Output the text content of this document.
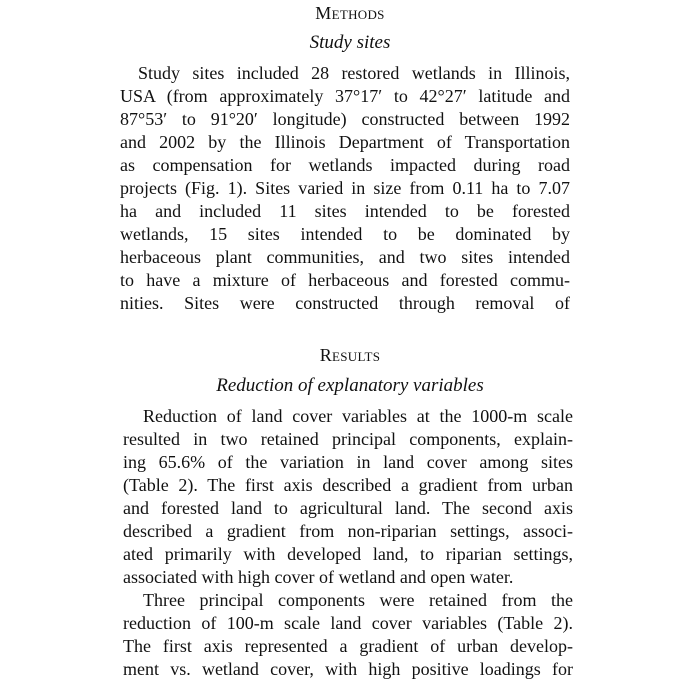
Methods
Study sites
Study sites included 28 restored wetlands in Illinois,
USA (from approximately 37°17′ to 42°27′ latitude and
87°53′ to 91°20′ longitude) constructed between 1992
and 2002 by the Illinois Department of Transportation
as compensation for wetlands impacted during road
projects (Fig. 1). Sites varied in size from 0.11 ha to 7.07
ha and included 11 sites intended to be forested
wetlands, 15 sites intended to be dominated by
herbaceous plant communities, and two sites intended
to have a mixture of herbaceous and forested commu-
nities. Sites were constructed through removal of
Results
Reduction of explanatory variables
Reduction of land cover variables at the 1000-m scale
resulted in two retained principal components, explain-
ing 65.6% of the variation in land cover among sites
(Table 2). The first axis described a gradient from urban
and forested land to agricultural land. The second axis
described a gradient from non-riparian settings, associ-
ated primarily with developed land, to riparian settings,
associated with high cover of wetland and open water.
Three principal components were retained from the
reduction of 100-m scale land cover variables (Table 2).
The first axis represented a gradient of urban develop-
ment vs. wetland cover, with high positive loadings for
